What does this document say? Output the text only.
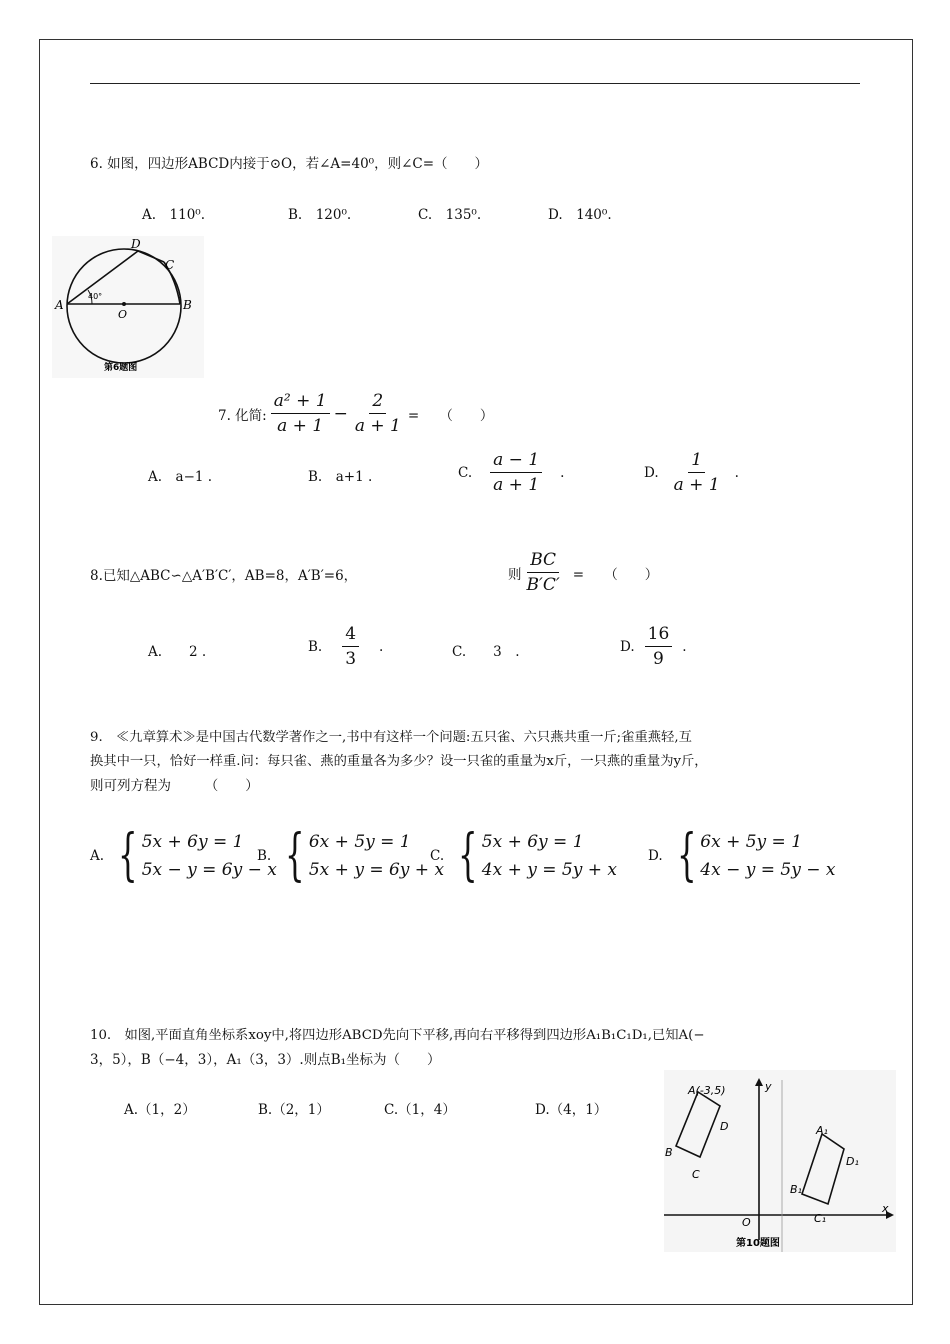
6. 如图，四边形ABCD内接于⊙O，若∠A=40⁰，则∠C=（　　）
A.　110⁰.	B.　120⁰.	C.　135⁰.	D.　140⁰.
A	B
C
D
O
40°
第6题图
7. 化简: $\frac{\text{a² + 1}}{a + 1} - \frac{2}{a + 1}$ =　　（　　）
A.　a−1 .	B.　a+1 .	C. $\frac{a - 1}{a + 1}$ .	D. $\frac{1}{a + 1}$ .
8.已知△ABC∽△A′B′C′，AB=8，A′B′=6，	则 $\frac{BC}{B'C'}$ =　　（　　）
A.　　2 .	B. $\frac{4}{3}$ .	C.　　3　.	D. $\frac{16}{9}$ .
9.　≪九章算术≫是中国古代数学著作之一,书中有这样一个问题:五只雀、六只燕共重一斤;雀重燕轻,互
换其中一只，恰好一样重.问：每只雀、燕的重量各为多少？设一只雀的重量为x斤，一只燕的重量为y斤，
则可列方程为　　　（　　）
A. { 5x + 6y = 1
5x − y = 6y − x
B. { 6x + 5y = 1
5x + y = 6y + x
C. { 5x + 6y = 1
4x + y = 5y + x
D. { 6x + 5y = 1
4x − y = 5y − x
10.　如图,平面直角坐标系xoy中,将四边形ABCD先向下平移,再向右平移得到四边形A₁B₁C₁D₁,已知A(−
3，5），B（−4，3），A₁（3，3）.则点B₁坐标为（　　）
A.（1，2）	B.（2，1）	C.（1，4）	D.（4，1）
A(-3,5)
D
B
C
A₁
D₁
B₁
C₁
O
x
y
第10题图
